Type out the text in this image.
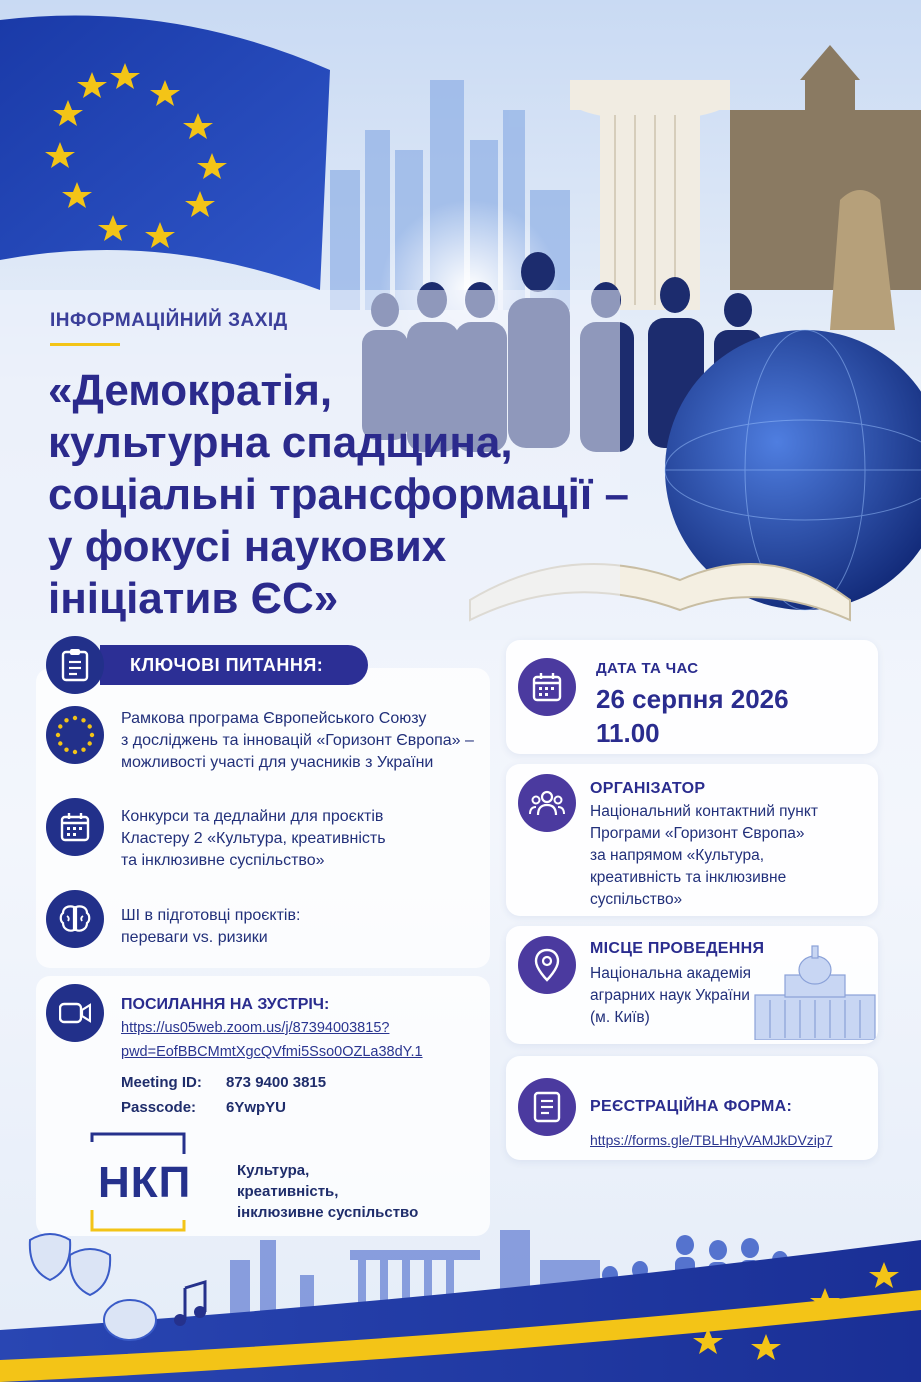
ІНФОРМАЦІЙНИЙ ЗАХІД
«Демократія,
культурна спадщина,
соціальні трансформації –
у фокусі наукових
ініціатив ЄС»
КЛЮЧОВІ ПИТАННЯ:
Рамкова програма Європейського Союзу
з досліджень та інновацій «Горизонт Європа» –
можливості участі для учасників з України
Конкурси та дедлайни для проєктів
Кластеру 2 «Культура, креативність
та інклюзивне суспільство»
ШІ в підготовці проєктів:
переваги vs. ризики
ПОСИЛАННЯ НА ЗУСТРІЧ:
https://us05web.zoom.us/j/87394003815?
pwd=EofBBCMmtXgcQVfmi5Sso0OZLa38dY.1
Meeting ID: 873 9400 3815
Passcode: 6YwpYU
НКП	Культура,
креативність,
інклюзивне суспільство
ДАТА ТА ЧАС
26 серпня 2026
11.00
ОРГАНІЗАТОР
Національний контактний пункт
Програми «Горизонт Європа»
за напрямом «Культура,
креативність та інклюзивне
суспільство»
МІСЦЕ ПРОВЕДЕННЯ
Національна академія
аграрних наук України
(м. Київ)
РЕЄСТРАЦІЙНА ФОРМА:
https://forms.gle/TBLHhyVAMJkDVzip7
